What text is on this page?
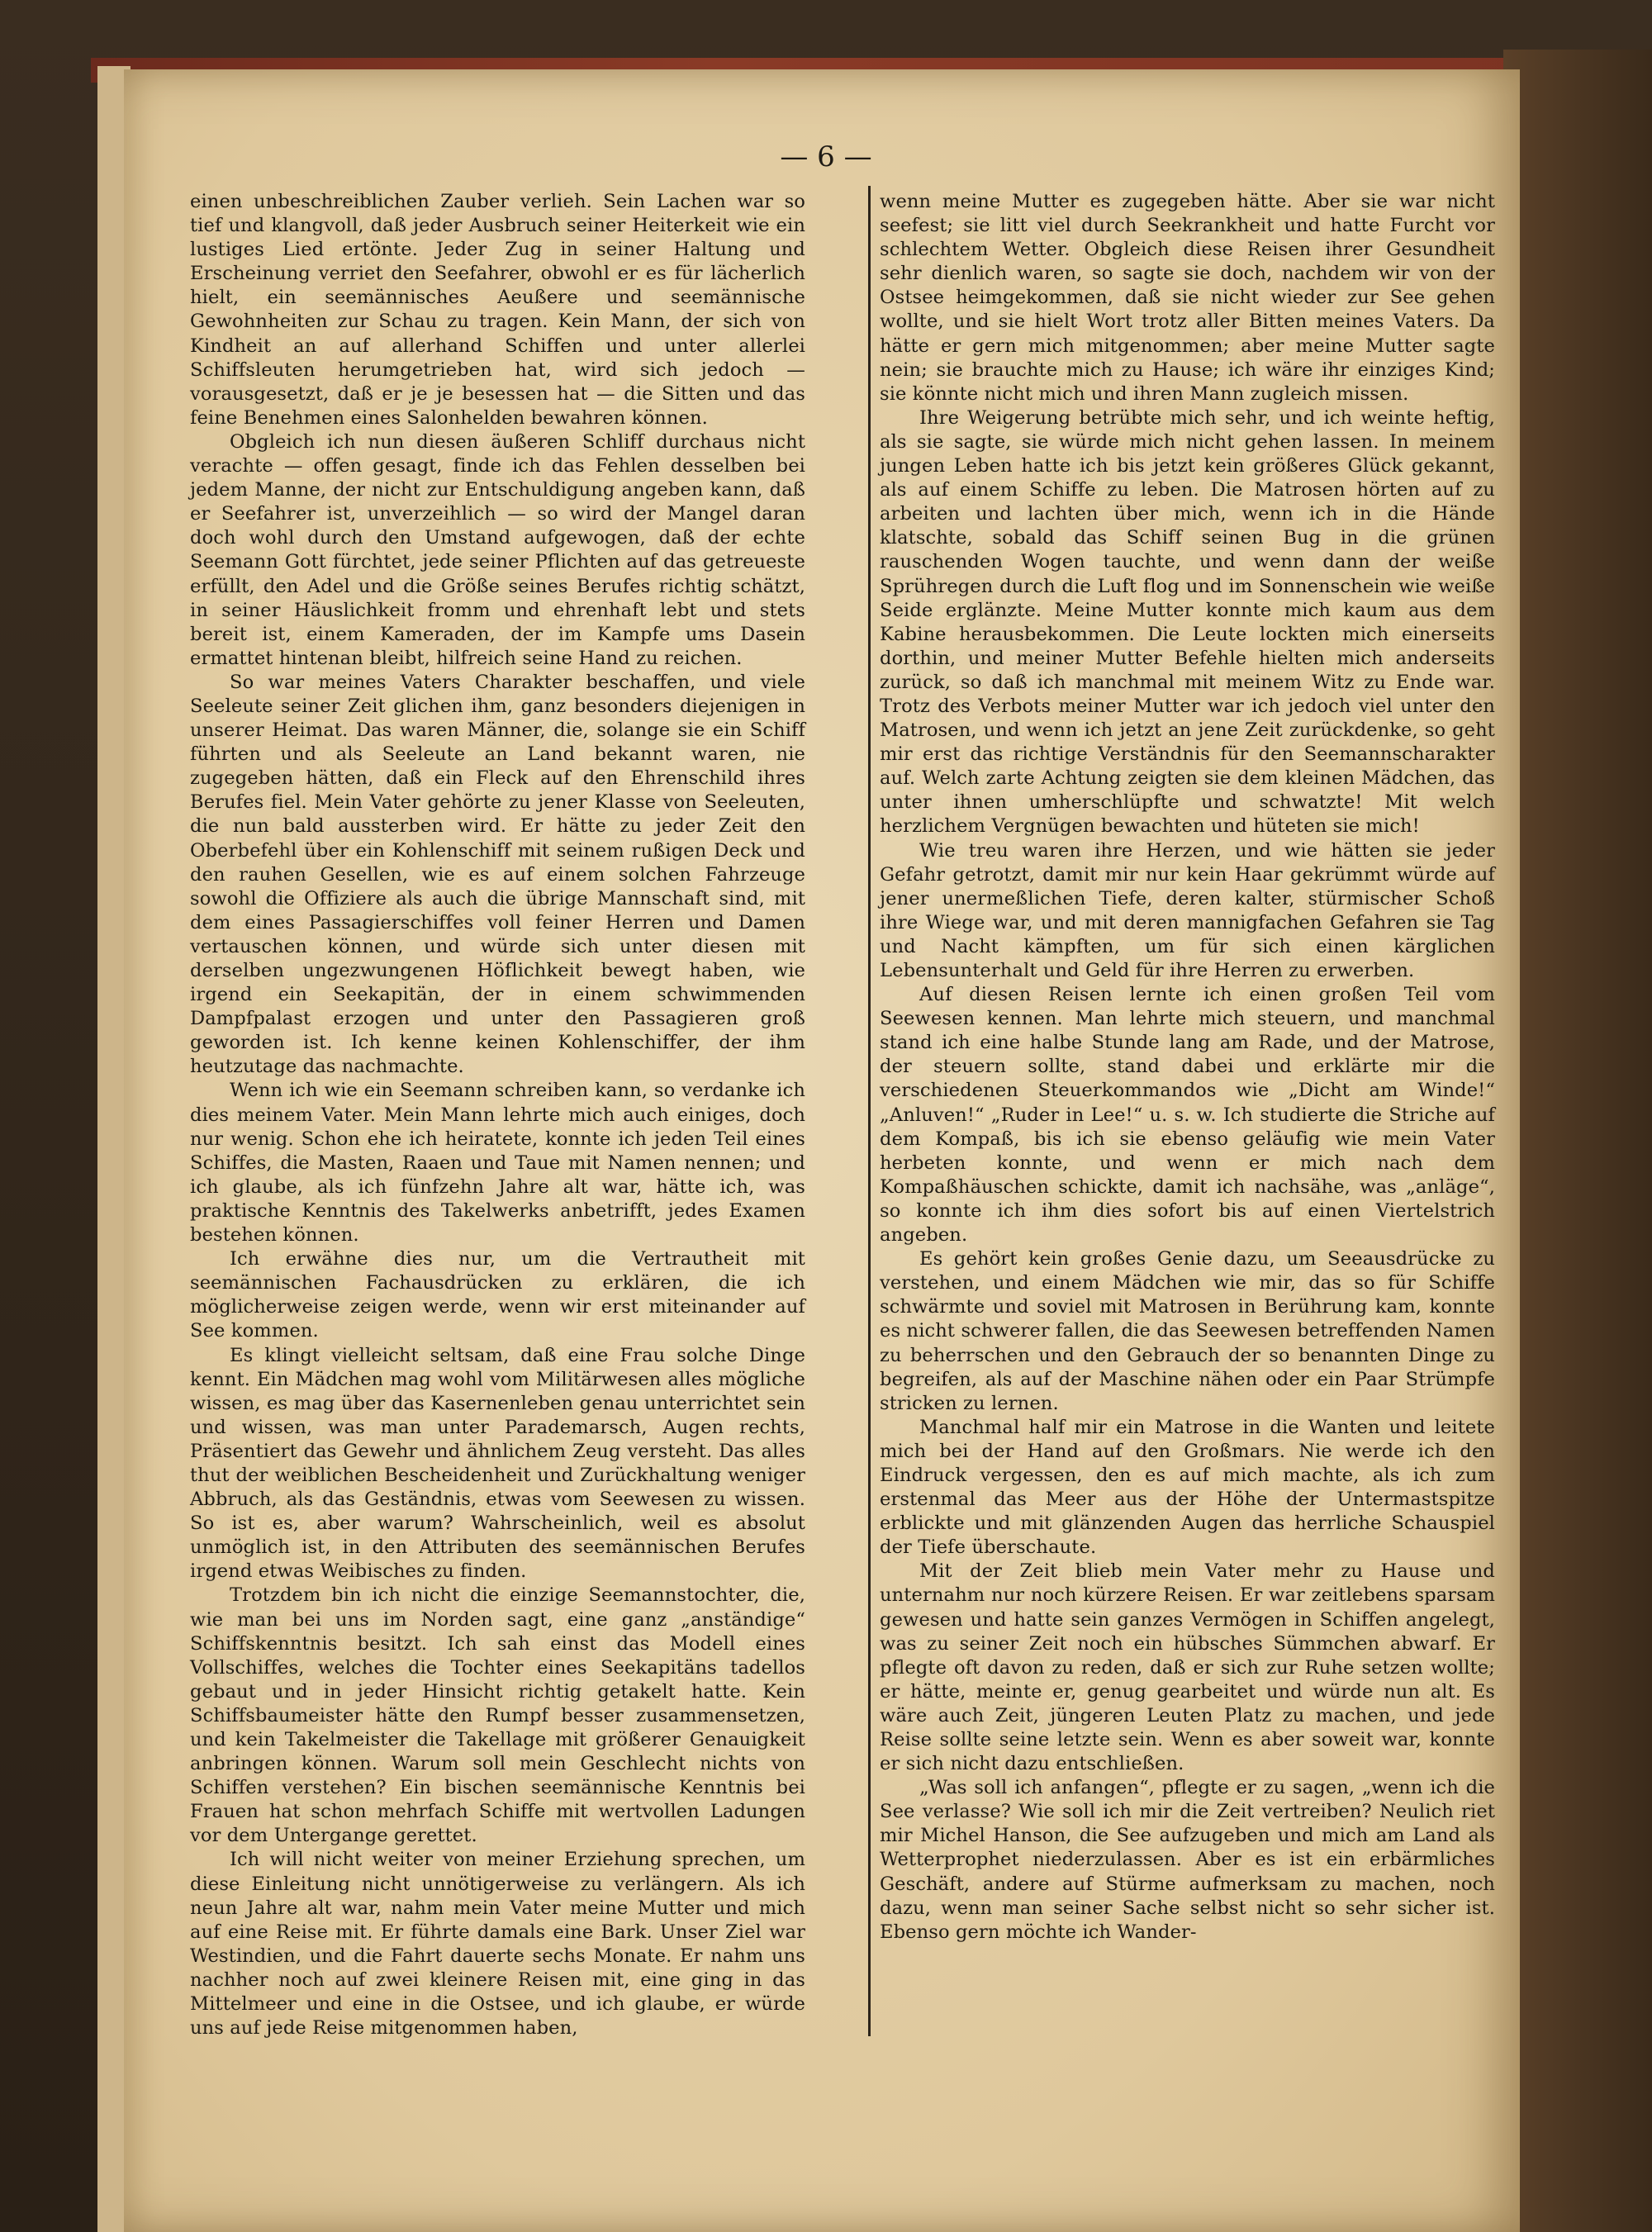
— 6 —

einen unbeschreiblichen Zauber verlieh. Sein Lachen war so tief und klangvoll, daß jeder Ausbruch seiner Heiterkeit wie ein lustiges Lied ertönte. Jeder Zug in seiner Haltung und Erscheinung verriet den Seefahrer, obwohl er es für lächerlich hielt, ein seemännisches Aeußere und seemännische Gewohnheiten zur Schau zu tragen. Kein Mann, der sich von Kindheit an auf allerhand Schiffen und unter allerlei Schiffsleuten herumgetrieben hat, wird sich jedoch — vorausgesetzt, daß er je je besessen hat — die Sitten und das feine Benehmen eines Salonhelden bewahren können.

Obgleich ich nun diesen äußeren Schliff durchaus nicht verachte — offen gesagt, finde ich das Fehlen desselben bei jedem Manne, der nicht zur Entschuldigung angeben kann, daß er Seefahrer ist, unverzeihlich — so wird der Mangel daran doch wohl durch den Umstand aufgewogen, daß der echte Seemann Gott fürchtet, jede seiner Pflichten auf das getreueste erfüllt, den Adel und die Größe seines Berufes richtig schätzt, in seiner Häuslichkeit fromm und ehrenhaft lebt und stets bereit ist, einem Kameraden, der im Kampfe ums Dasein ermattet hintenan bleibt, hilfreich seine Hand zu reichen.

So war meines Vaters Charakter beschaffen, und viele Seeleute seiner Zeit glichen ihm, ganz besonders diejenigen in unserer Heimat. Das waren Männer, die, solange sie ein Schiff führten und als Seeleute an Land bekannt waren, nie zugegeben hätten, daß ein Fleck auf den Ehrenschild ihres Berufes fiel. Mein Vater gehörte zu jener Klasse von Seeleuten, die nun bald aussterben wird. Er hätte zu jeder Zeit den Oberbefehl über ein Kohlenschiff mit seinem rußigen Deck und den rauhen Gesellen, wie es auf einem solchen Fahrzeuge sowohl die Offiziere als auch die übrige Mannschaft sind, mit dem eines Passagierschiffes voll feiner Herren und Damen vertauschen können, und würde sich unter diesen mit derselben ungezwungenen Höflichkeit bewegt haben, wie irgend ein Seekapitän, der in einem schwimmenden Dampfpalast erzogen und unter den Passagieren groß geworden ist. Ich kenne keinen Kohlenschiffer, der ihm heutzutage das nachmachte.

Wenn ich wie ein Seemann schreiben kann, so verdanke ich dies meinem Vater. Mein Mann lehrte mich auch einiges, doch nur wenig. Schon ehe ich heiratete, konnte ich jeden Teil eines Schiffes, die Masten, Raaen und Taue mit Namen nennen; und ich glaube, als ich fünfzehn Jahre alt war, hätte ich, was praktische Kenntnis des Takelwerks anbetrifft, jedes Examen bestehen können.

Ich erwähne dies nur, um die Vertrautheit mit seemännischen Fachausdrücken zu erklären, die ich möglicherweise zeigen werde, wenn wir erst miteinander auf See kommen.

Es klingt vielleicht seltsam, daß eine Frau solche Dinge kennt. Ein Mädchen mag wohl vom Militärwesen alles mögliche wissen, es mag über das Kasernenleben genau unterrichtet sein und wissen, was man unter Parademarsch, Augen rechts, Präsentiert das Gewehr und ähnlichem Zeug versteht. Das alles thut der weiblichen Bescheidenheit und Zurückhaltung weniger Abbruch, als das Geständnis, etwas vom Seewesen zu wissen. So ist es, aber warum? Wahrscheinlich, weil es absolut unmöglich ist, in den Attributen des seemännischen Berufes irgend etwas Weibisches zu finden.

Trotzdem bin ich nicht die einzige Seemannstochter, die, wie man bei uns im Norden sagt, eine ganz „anständige“ Schiffskenntnis besitzt. Ich sah einst das Modell eines Vollschiffes, welches die Tochter eines Seekapitäns tadellos gebaut und in jeder Hinsicht richtig getakelt hatte. Kein Schiffsbaumeister hätte den Rumpf besser zusammensetzen, und kein Takelmeister die Takellage mit größerer Genauigkeit anbringen können. Warum soll mein Geschlecht nichts von Schiffen verstehen? Ein bischen seemännische Kenntnis bei Frauen hat schon mehrfach Schiffe mit wertvollen Ladungen vor dem Untergange gerettet.

Ich will nicht weiter von meiner Erziehung sprechen, um diese Einleitung nicht unnötigerweise zu verlängern. Als ich neun Jahre alt war, nahm mein Vater meine Mutter und mich auf eine Reise mit. Er führte damals eine Bark. Unser Ziel war Westindien, und die Fahrt dauerte sechs Monate. Er nahm uns nachher noch auf zwei kleinere Reisen mit, eine ging in das Mittelmeer und eine in die Ostsee, und ich glaube, er würde uns auf jede Reise mitgenommen haben,

wenn meine Mutter es zugegeben hätte. Aber sie war nicht seefest; sie litt viel durch Seekrankheit und hatte Furcht vor schlechtem Wetter. Obgleich diese Reisen ihrer Gesundheit sehr dienlich waren, so sagte sie doch, nachdem wir von der Ostsee heimgekommen, daß sie nicht wieder zur See gehen wollte, und sie hielt Wort trotz aller Bitten meines Vaters. Da hätte er gern mich mitgenommen; aber meine Mutter sagte nein; sie brauchte mich zu Hause; ich wäre ihr einziges Kind; sie könnte nicht mich und ihren Mann zugleich missen.

Ihre Weigerung betrübte mich sehr, und ich weinte heftig, als sie sagte, sie würde mich nicht gehen lassen. In meinem jungen Leben hatte ich bis jetzt kein größeres Glück gekannt, als auf einem Schiffe zu leben. Die Matrosen hörten auf zu arbeiten und lachten über mich, wenn ich in die Hände klatschte, sobald das Schiff seinen Bug in die grünen rauschenden Wogen tauchte, und wenn dann der weiße Sprühregen durch die Luft flog und im Sonnenschein wie weiße Seide erglänzte. Meine Mutter konnte mich kaum aus dem Kabine herausbekommen. Die Leute lockten mich einerseits dorthin, und meiner Mutter Befehle hielten mich anderseits zurück, so daß ich manchmal mit meinem Witz zu Ende war. Trotz des Verbots meiner Mutter war ich jedoch viel unter den Matrosen, und wenn ich jetzt an jene Zeit zurückdenke, so geht mir erst das richtige Verständnis für den Seemannscharakter auf. Welch zarte Achtung zeigten sie dem kleinen Mädchen, das unter ihnen umherschlüpfte und schwatzte! Mit welch herzlichem Vergnügen bewachten und hüteten sie mich!

Wie treu waren ihre Herzen, und wie hätten sie jeder Gefahr getrotzt, damit mir nur kein Haar gekrümmt würde auf jener unermeßlichen Tiefe, deren kalter, stürmischer Schoß ihre Wiege war, und mit deren mannigfachen Gefahren sie Tag und Nacht kämpften, um für sich einen kärglichen Lebensunterhalt und Geld für ihre Herren zu erwerben.

Auf diesen Reisen lernte ich einen großen Teil vom Seewesen kennen. Man lehrte mich steuern, und manchmal stand ich eine halbe Stunde lang am Rade, und der Matrose, der steuern sollte, stand dabei und erklärte mir die verschiedenen Steuerkommandos wie „Dicht am Winde!“ „Anluven!“ „Ruder in Lee!“ u. s. w. Ich studierte die Striche auf dem Kompaß, bis ich sie ebenso geläufig wie mein Vater herbeten konnte, und wenn er mich nach dem Kompaßhäuschen schickte, damit ich nachsähe, was „anläge“, so konnte ich ihm dies sofort bis auf einen Viertelstrich angeben.

Es gehört kein großes Genie dazu, um Seeausdrücke zu verstehen, und einem Mädchen wie mir, das so für Schiffe schwärmte und soviel mit Matrosen in Berührung kam, konnte es nicht schwerer fallen, die das Seewesen betreffenden Namen zu beherrschen und den Gebrauch der so benannten Dinge zu begreifen, als auf der Maschine nähen oder ein Paar Strümpfe stricken zu lernen.

Manchmal half mir ein Matrose in die Wanten und leitete mich bei der Hand auf den Großmars. Nie werde ich den Eindruck vergessen, den es auf mich machte, als ich zum erstenmal das Meer aus der Höhe der Untermastspitze erblickte und mit glänzenden Augen das herrliche Schauspiel der Tiefe überschaute.

Mit der Zeit blieb mein Vater mehr zu Hause und unternahm nur noch kürzere Reisen. Er war zeitlebens sparsam gewesen und hatte sein ganzes Vermögen in Schiffen angelegt, was zu seiner Zeit noch ein hübsches Sümmchen abwarf. Er pflegte oft davon zu reden, daß er sich zur Ruhe setzen wollte; er hätte, meinte er, genug gearbeitet und würde nun alt. Es wäre auch Zeit, jüngeren Leuten Platz zu machen, und jede Reise sollte seine letzte sein. Wenn es aber soweit war, konnte er sich nicht dazu entschließen.

„Was soll ich anfangen“, pflegte er zu sagen, „wenn ich die See verlasse? Wie soll ich mir die Zeit vertreiben? Neulich riet mir Michel Hanson, die See aufzugeben und mich am Land als Wetterprophet niederzulassen. Aber es ist ein erbärmliches Geschäft, andere auf Stürme aufmerksam zu machen, noch dazu, wenn man seiner Sache selbst nicht so sehr sicher ist. Ebenso gern möchte ich Wander-
